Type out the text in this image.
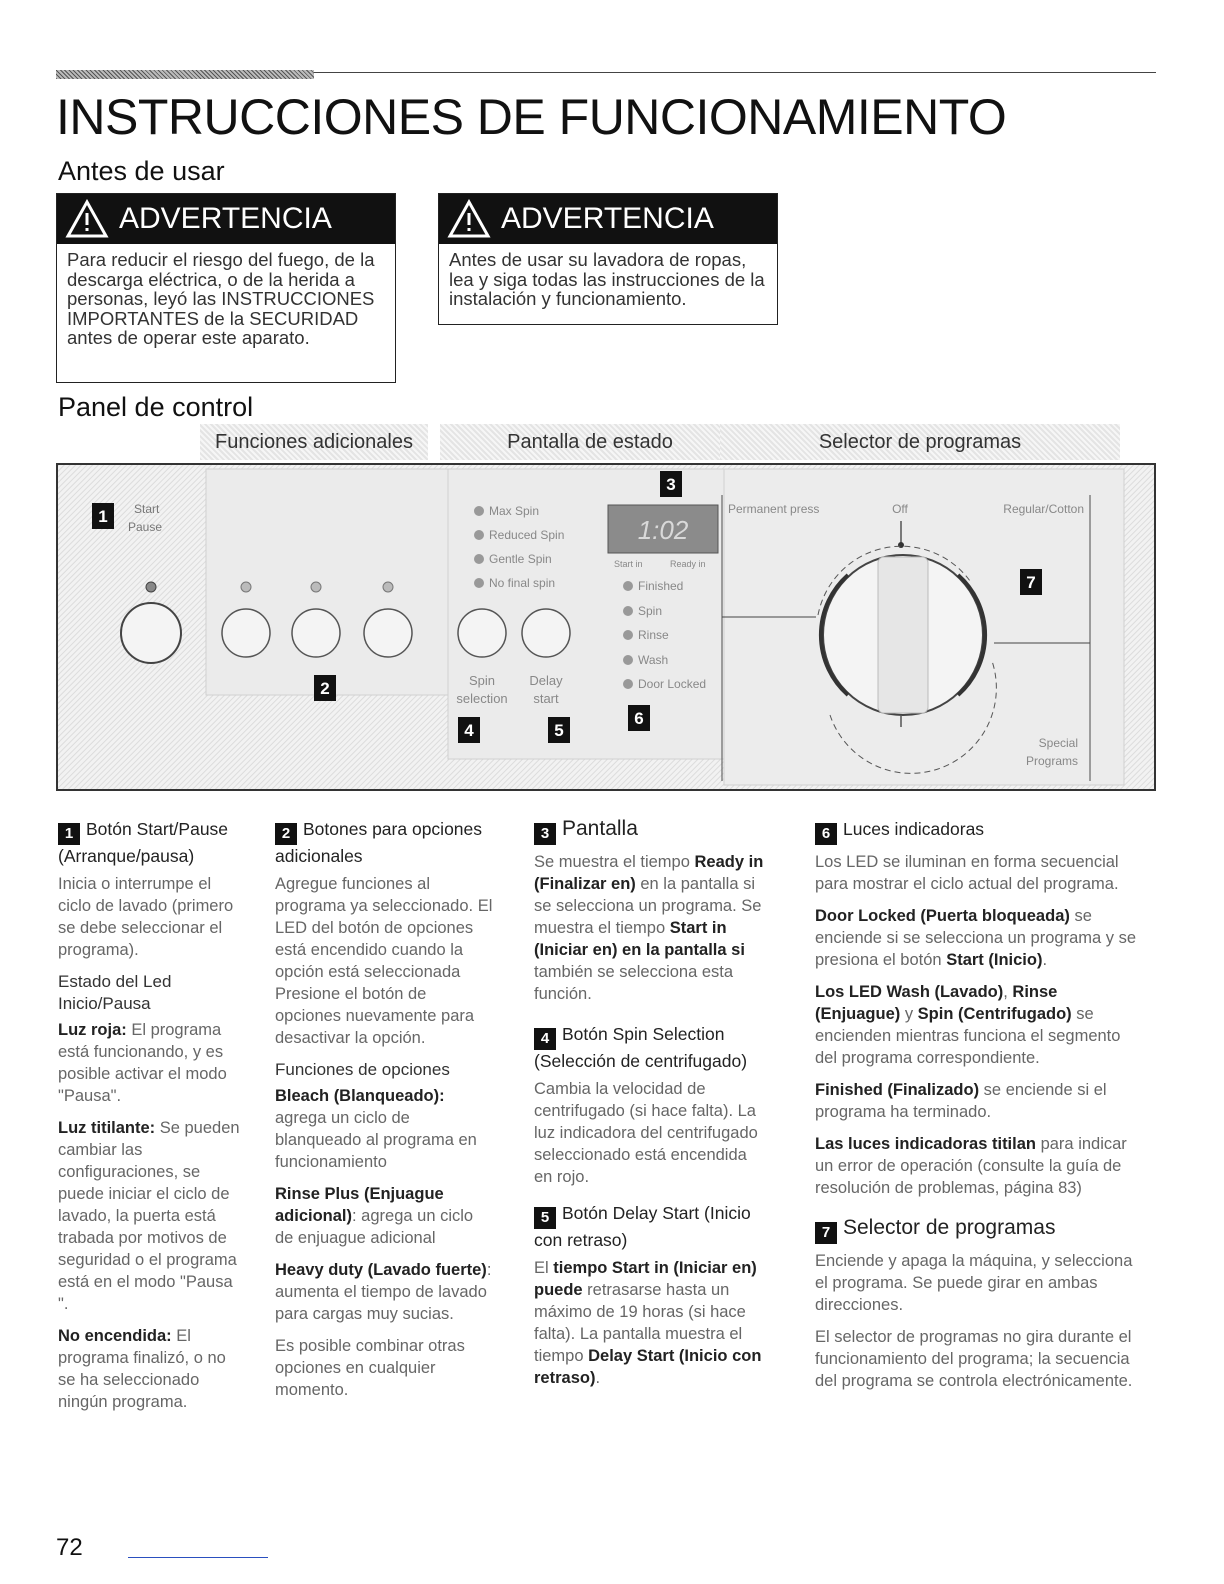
INSTRUCCIONES DE FUNCIONAMIENTO
Antes de usar
ADVERTENCIA
Para reducir el riesgo del fuego, de la descarga eléctrica, o de la herida a personas, leyó las INSTRUCCIONES IMPORTANTES de la SECURIDAD antes de operar este aparato.
ADVERTENCIA
Antes de usar su lavadora de ropas, lea y siga todas las instrucciones de la instalación y funcionamiento.
Panel de control
Funciones adicionales	Pantalla de estado	Selector de programas
1 Start
Pause
2
Max Spin
Reduced Spin
Gentle Spin
No final spin
3
1:02
Start in	Ready in
Finished
Spin
Rinse
Wash
Door Locked
Spin
selection
Delay
start
4	5
6
Permanent press	Off	Regular/Cotton
Special
Programs
7

1 Botón Start/Pause (Arranque/pausa)

Inicia o interrumpe el ciclo de lavado (primero se debe seleccionar el programa).

Estado del Led Inicio/Pausa

Luz roja: El programa está funcionando, y es posible activar el modo "Pausa".

Luz titilante: Se pueden cambiar las configuraciones, se puede iniciar el ciclo de lavado, la puerta está trabada por motivos de seguridad o el programa está en el modo "Pausa ".

No encendida: El programa finalizó, o no se ha seleccionado ningún programa.

2 Botones para opciones adicionales

Agregue funciones al programa ya seleccionado. El LED del botón de opciones está encendido cuando la opción está seleccionada Presione el botón de opciones nuevamente para desactivar la opción.

Funciones de opciones

Bleach (Blanqueado): agrega un ciclo de blanqueado al programa en funcionamiento

Rinse Plus (Enjuague adicional): agrega un ciclo de enjuague adicional

Heavy duty (Lavado fuerte): aumenta el tiempo de lavado para cargas muy sucias.

Es posible combinar otras opciones en cualquier momento.

3 Pantalla

Se muestra el tiempo Ready in (Finalizar en) en la pantalla si se selecciona un programa. Se muestra el tiempo Start in (Iniciar en) en la pantalla si también se selecciona esta función.

4 Botón Spin Selection (Selección de centrifugado)

Cambia la velocidad de centrifugado (si hace falta). La luz indicadora del centrifugado seleccionado está encendida en rojo.

5 Botón Delay Start (Inicio con retraso)

El tiempo Start in (Iniciar en) puede retrasarse hasta un máximo de 19 horas (si hace falta). La pantalla muestra el tiempo Delay Start (Inicio con retraso).

6 Luces indicadoras

Los LED se iluminan en forma secuencial para mostrar el ciclo actual del programa.

Door Locked (Puerta bloqueada) se enciende si se selecciona un programa y se presiona el botón Start (Inicio).

Los LED Wash (Lavado), Rinse (Enjuague) y Spin (Centrifugado) se encienden mientras funciona el segmento del programa correspondiente.

Finished (Finalizado) se enciende si el programa ha terminado.

Las luces indicadoras titilan para indicar un error de operación (consulte la guía de resolución de problemas, página 83)

7 Selector de programas

Enciende y apaga la máquina, y selecciona el programa. Se puede girar en ambas direcciones.

El selector de programas no gira durante el funcionamiento del programa; la secuencia del programa se controla electrónicamente.

72
